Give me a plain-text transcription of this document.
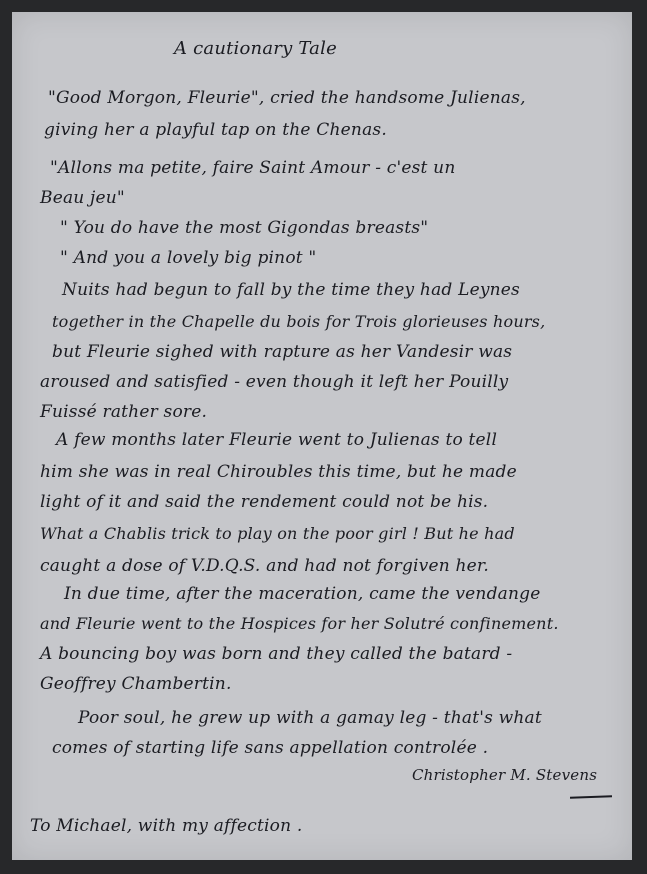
A cautionary Tale
"Good Morgon, Fleurie", cried the handsome Julienas,
giving her a playful tap on the Chenas.
"Allons ma petite, faire Saint Amour - c'est un
Beau jeu"
" You do have the most Gigondas breasts"
" And you a lovely big pinot "
Nuits had begun to fall by the time they had Leynes
together in the Chapelle du bois for Trois glorieuses hours,
but Fleurie sighed with rapture as her Vandesir was
aroused and satisfied - even though it left her Pouilly
Fuissé rather sore.
A few months later Fleurie went to Julienas to tell
him she was in real Chiroubles this time, but he made
light of it and said the rendement could not be his.
What a Chablis trick to play on the poor girl ! But he had
caught a dose of V.D.Q.S. and had not forgiven her.
In due time, after the maceration, came the vendange
and Fleurie went to the Hospices for her Solutré confinement.
A bouncing boy was born and they called the batard -
Geoffrey Chambertin.
Poor soul, he grew up with a gamay leg - that's what
comes of starting life sans appellation controlée .
Christopher M. Stevens
To Michael, with my affection .
